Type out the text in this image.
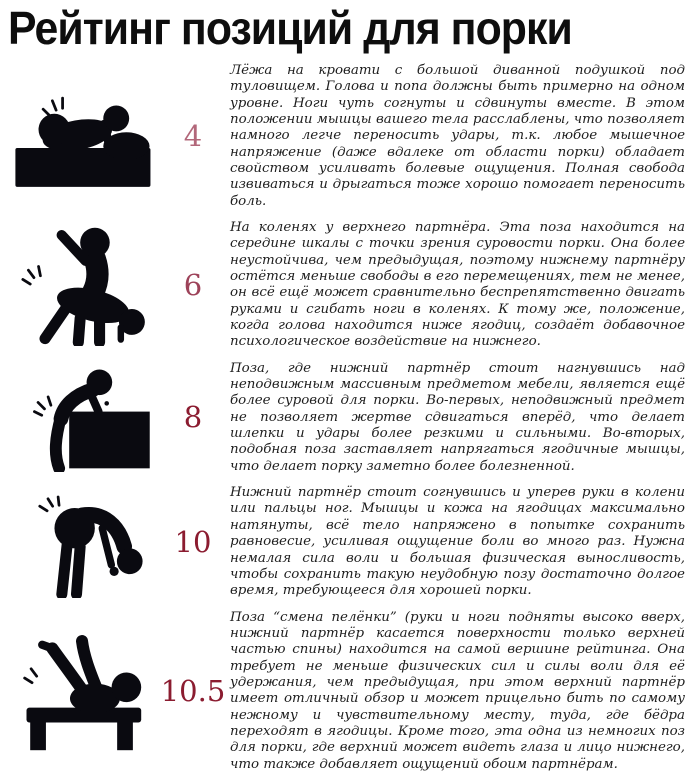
Рейтинг позиций для порки
4
Лёжа на кровати с большой диванной подушкой под туловищем. Голова и попа должны быть примерно на одном уровне. Ноги чуть согнуты и сдвинуты вместе. В этом положении мышцы вашего тела расслаблены, что позволяет намного легче переносить удары, т.к. любое мышечное напряжение (даже вдалеке от области порки) обладает свойством усиливать болевые ощущения. Полная свобода извиваться и дрыгаться тоже хорошо помогает переносить боль.
6
На коленях у верхнего партнёра. Эта поза находится на середине шкалы с точки зрения суровости порки. Она более неустойчива, чем предыдущая, поэтому нижнему партнёру остётся меньше свободы в его перемещениях, тем не менее, он всё ещё может сравнительно беспрепятственно двигать руками и сгибать ноги в коленях. К тому же, положение, когда голова находится ниже ягодиц, создаёт добавочное психологическое воздействие на нижнего.
8
Поза, где нижний партнёр стоит нагнувшись над неподвижным массивным предметом мебели, является ещё более суровой для порки. Во-первых, неподвижный предмет не позволяет жертве сдвигаться вперёд, что делает шлепки и удары более резкими и сильными. Во-вторых, подобная поза заставляет напрягаться ягодичные мышцы, что делает порку заметно более болезненной.
10
Нижний партнёр стоит согнувшись и уперев руки в колени или пальцы ног. Мышцы и кожа на ягодицах максимально натянуты, всё тело напряжено в попытке сохранить равновесие, усиливая ощущение боли во много раз. Нужна немалая сила воли и большая физическая выносливость, чтобы сохранить такую неудобную позу достаточно долгое время, требующееся для хорошей порки.
10.5
Поза “смена пелёнки” (руки и ноги подняты высоко вверх, нижний партнёр касается поверхности только верхней частью спины) находится на самой вершине рейтинга. Она требует не меньше физических сил и силы воли для её удержания, чем предыдущая, при этом верхний партнёр имеет отличный обзор и может прицельно бить по самому нежному и чувствительному месту, туда, где бёдра переходят в ягодицы. Кроме того, эта одна из немногих поз для порки, где верхний может видеть глаза и лицо нижнего, что также добавляет ощущений обоим партнёрам.
